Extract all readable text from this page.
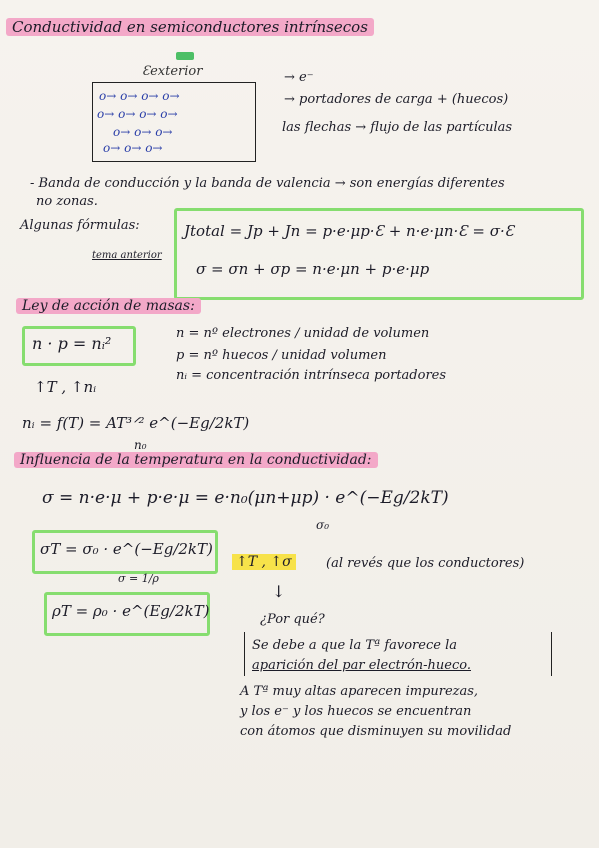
Conductividad en semiconductores intrínsecos
Ɛexterior
o→ o→ o→ o→
o→ o→ o→ o→
o→ o→ o→
o→ o→ o→
→ e⁻
→ portadores de carga + (huecos)
las flechas → flujo de las partículas
- Banda de conducción y la banda de valencia → son energías diferentes
no zonas.
Algunas fórmulas:
tema anterior
Jtotal = Jp + Jn = p·e·μp·Ɛ + n·e·μn·Ɛ = σ·Ɛ
σ = σn + σp = n·e·μn + p·e·μp
Ley de acción de masas:
n · p = nᵢ²
n = nº electrones / unidad de volumen
p = nº huecos / unidad volumen
nᵢ = concentración intrínseca portadores
↑T , ↑nᵢ
nᵢ = f(T) = AT³ᐟ² e^(−Eg/2kT)
n₀
Influencia de la temperatura en la conductividad:
σ = n·e·μ + p·e·μ = e·n₀(μn+μp) · e^(−Eg/2kT)
σ₀
σT = σ₀ · e^(−Eg/2kT)
σ = 1/ρ
ρT = ρ₀ · e^(Eg/2kT)
↑T , ↑σ	(al revés que los conductores)
↓
¿Por qué?
Se debe a que la Tª favorece la
aparición del par electrón-hueco.
A Tª muy altas aparecen impurezas,
y los e⁻ y los huecos se encuentran
con átomos que disminuyen su movilidad
